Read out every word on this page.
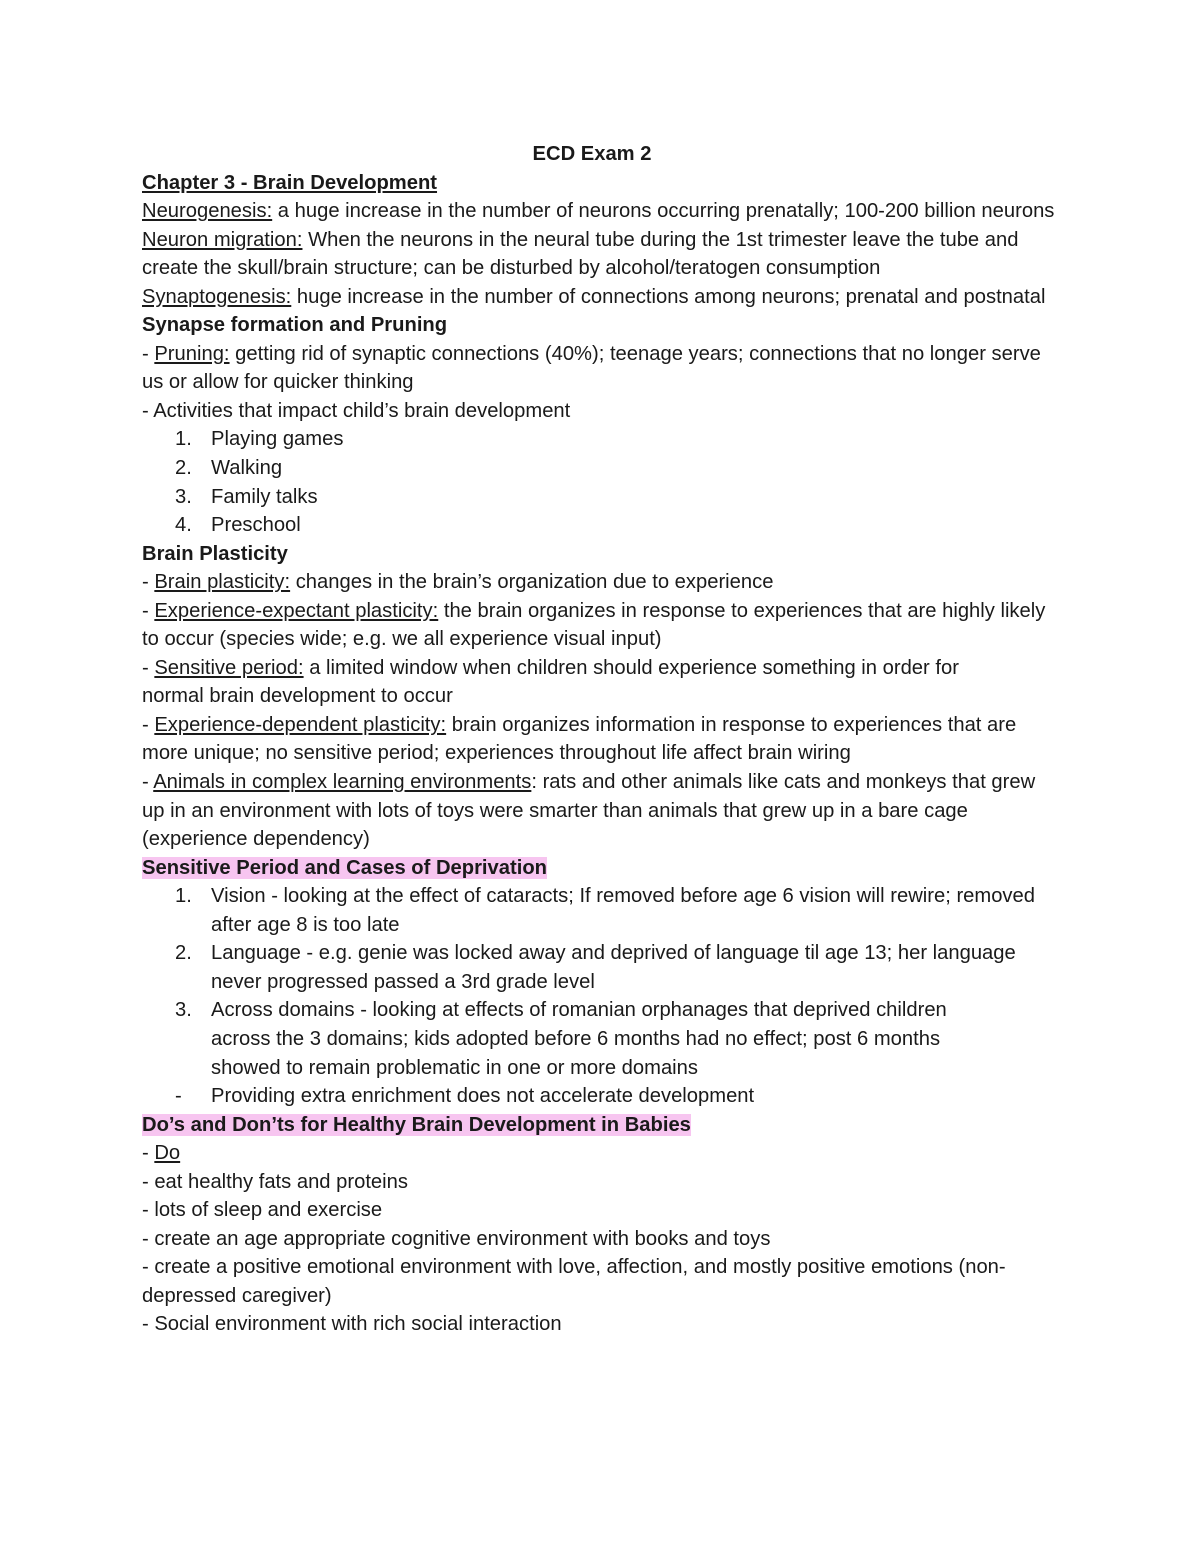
ECD Exam 2
Chapter 3 - Brain Development
Neurogenesis: a huge increase in the number of neurons occurring prenatally; 100-200 billion neurons
Neuron migration: When the neurons in the neural tube during the 1st trimester leave the tube and create the skull/brain structure; can be disturbed by alcohol/teratogen consumption
Synaptogenesis: huge increase in the number of connections among neurons; prenatal and postnatal
Synapse formation and Pruning
- Pruning: getting rid of synaptic connections (40%); teenage years; connections that no longer serve us or allow for quicker thinking
- Activities that impact child’s brain development
1. Playing games
2. Walking
3. Family talks
4. Preschool
Brain Plasticity
- Brain plasticity: changes in the brain’s organization due to experience
- Experience-expectant plasticity: the brain organizes in response to experiences that are highly likely to occur (species wide; e.g. we all experience visual input)
- Sensitive period: a limited window when children should experience something in order for normal brain development to occur
- Experience-dependent plasticity: brain organizes information in response to experiences that are more unique; no sensitive period; experiences throughout life affect brain wiring
- Animals in complex learning environments: rats and other animals like cats and monkeys that grew up in an environment with lots of toys were smarter than animals that grew up in a bare cage (experience dependency)
Sensitive Period and Cases of Deprivation
1. Vision - looking at the effect of cataracts; If removed before age 6 vision will rewire; removed after age 8 is too late
2. Language - e.g. genie was locked away and deprived of language til age 13; her language never progressed passed a 3rd grade level
3. Across domains - looking at effects of romanian orphanages that deprived children across the 3 domains; kids adopted before 6 months had no effect; post 6 months showed to remain problematic in one or more domains
- Providing extra enrichment does not accelerate development
Do’s and Don’ts for Healthy Brain Development in Babies
- Do
- eat healthy fats and proteins
- lots of sleep and exercise
- create an age appropriate cognitive environment with books and toys
- create a positive emotional environment with love, affection, and mostly positive emotions (non-depressed caregiver)
- Social environment with rich social interaction
